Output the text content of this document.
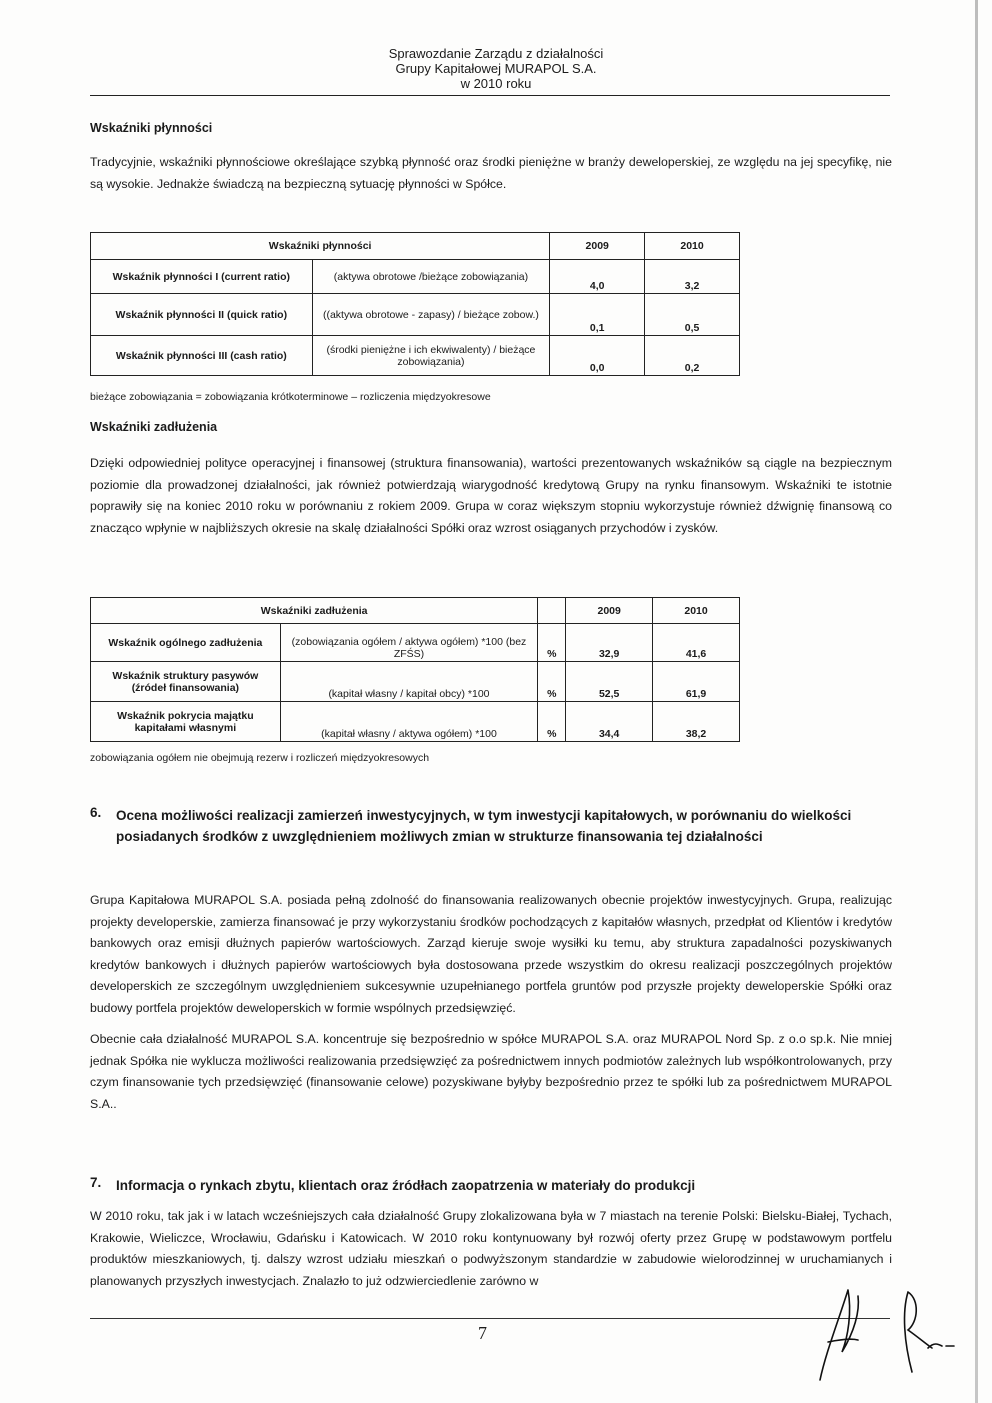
Sprawozdanie Zarządu z działalności
Grupy Kapitałowej MURAPOL S.A.
w 2010 roku
Wskaźniki płynności
Tradycyjnie, wskaźniki płynnościowe określające szybką płynność oraz środki pieniężne w branży deweloperskiej, ze względu na jej specyfikę, nie są wysokie. Jednakże świadczą na bezpieczną sytuację płynności w Spółce.
Wskaźniki płynności		2009	2010
Wskaźnik płynności I (current ratio)	(aktywa obrotowe /bieżące zobowiązania)	4,0	3,2
Wskaźnik płynności II (quick ratio)	((aktywa obrotowe - zapasy) / bieżące zobow.)	0,1	0,5
Wskaźnik płynności III (cash ratio)	(środki pieniężne i ich ekwiwalenty) / bieżące zobowiązania)	0,0	0,2
bieżące zobowiązania = zobowiązania krótkoterminowe – rozliczenia międzyokresowe
Wskaźniki zadłużenia
Dzięki odpowiedniej polityce operacyjnej i finansowej (struktura finansowania), wartości prezentowanych wskaźników są ciągle na bezpiecznym poziomie dla prowadzonej działalności, jak również potwierdzają wiarygodność kredytową Grupy na rynku finansowym. Wskaźniki te istotnie poprawiły się na koniec 2010 roku w porównaniu z rokiem 2009. Grupa w coraz większym stopniu wykorzystuje również dźwignię finansową co znacząco wpłynie w najbliższych okresie na skalę działalności Spółki oraz wzrost osiąganych przychodów i zysków.
Wskaźniki zadłużenia			2009	2010
Wskaźnik ogólnego zadłużenia	(zobowiązania ogółem / aktywa ogółem) *100 (bez ZFŚS)	%	32,9	41,6
Wskaźnik struktury pasywów (źródeł finansowania)	(kapitał własny / kapitał obcy) *100	%	52,5	61,9
Wskaźnik pokrycia majątku kapitałami własnymi	(kapitał własny / aktywa ogółem) *100	%	34,4	38,2
zobowiązania ogółem nie obejmują rezerw i rozliczeń międzyokresowych
6. Ocena możliwości realizacji zamierzeń inwestycyjnych, w tym inwestycji kapitałowych, w porównaniu do wielkości posiadanych środków z uwzględnieniem możliwych zmian w strukturze finansowania tej działalności

Grupa Kapitałowa MURAPOL S.A. posiada pełną zdolność do finansowania realizowanych obecnie projektów inwestycyjnych. Grupa, realizując projekty developerskie, zamierza finansować je przy wykorzystaniu środków pochodzących z kapitałów własnych, przedpłat od Klientów i kredytów bankowych oraz emisji dłużnych papierów wartościowych. Zarząd kieruje swoje wysiłki ku temu, aby struktura zapadalności pozyskiwanych kredytów bankowych i dłużnych papierów wartościowych była dostosowana przede wszystkim do okresu realizacji poszczególnych projektów developerskich ze szczególnym uwzględnieniem sukcesywnie uzupełnianego portfela gruntów pod przyszłe projekty deweloperskie Spółki oraz budowy portfela projektów deweloperskich w formie wspólnych przedsięwzięć.

Obecnie cała działalność MURAPOL S.A. koncentruje się bezpośrednio w spółce MURAPOL S.A. oraz MURAPOL Nord Sp. z o.o sp.k. Nie mniej jednak Spółka nie wyklucza możliwości realizowania przedsięwzięć za pośrednictwem innych podmiotów zależnych lub współkontrolowanych, przy czym finansowanie tych przedsięwzięć (finansowanie celowe) pozyskiwane byłyby bezpośrednio przez te spółki lub za pośrednictwem MURAPOL S.A..

7. Informacja o rynkach zbytu, klientach oraz źródłach zaopatrzenia w materiały do produkcji
W 2010 roku, tak jak i w latach wcześniejszych cała działalność Grupy zlokalizowana była w 7 miastach na terenie Polski: Bielsku-Białej, Tychach, Krakowie, Wieliczce, Wrocławiu, Gdańsku i Katowicach. W 2010 roku kontynuowany był rozwój oferty przez Grupę w podstawowym portfelu produktów mieszkaniowych, tj. dalszy wzrost udziału mieszkań o podwyższonym standardzie w zabudowie wielorodzinnej w uruchamianych i planowanych przyszłych inwestycjach. Znalazło to już odzwierciedlenie zarówno w
7
